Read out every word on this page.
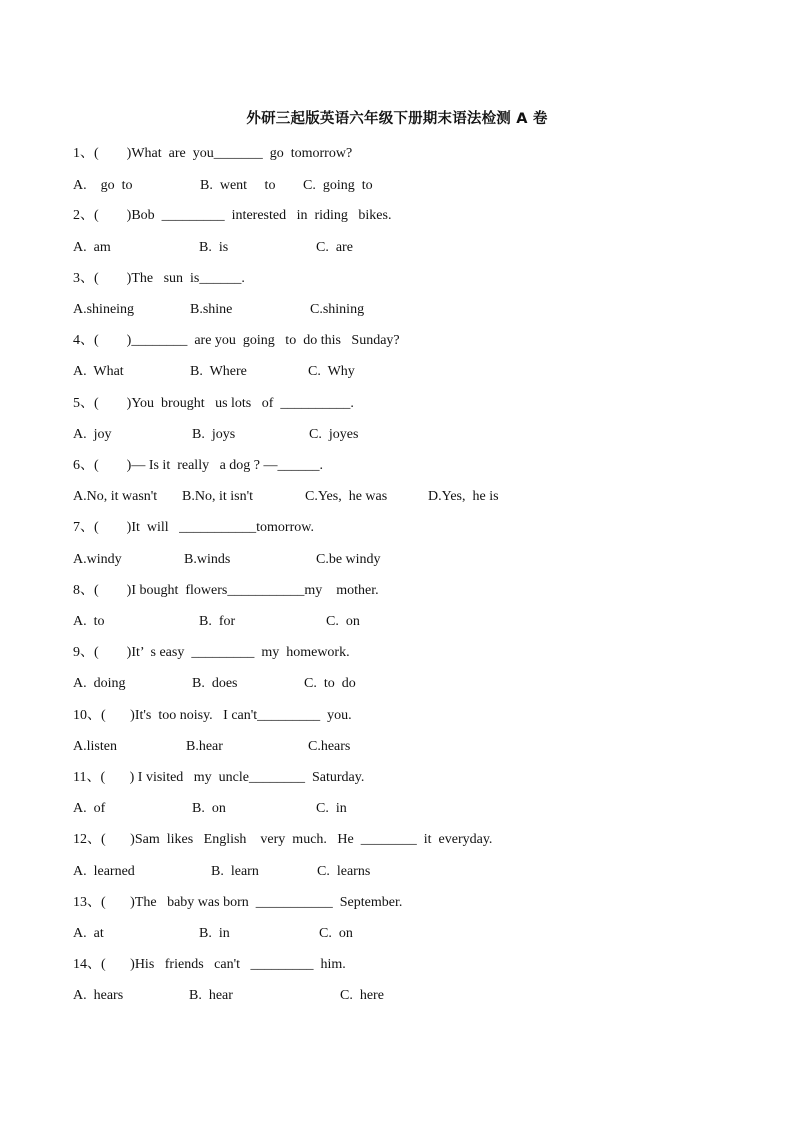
外研三起版英语六年级下册期末语法检测 A 卷
1、(        )What  are  you_______  go  tomorrow?
A.    go  to	B.  went     to C.  going  to
2、(        )Bob  _________  interested   in  riding   bikes.
A.  am	B.  is	C.  are
3、(        )The   sun  is______.
A.shineing	B.shine	C.shining
4、(        )________  are you  going   to  do this   Sunday?
A.  What	B.  Where	C.  Why
5、(        )You  brought   us lots   of  __________.
A.  joy	B.  joys	C.  joyes
6、(        )— Is it  really   a dog ? —______.
A.No, it wasn't B.No, it isn't	C.Yes,  he was	D.Yes,  he is
7、(        )It  will   ___________tomorrow.
A.windy	B.winds	C.be windy
8、(        )I bought  flowers___________my    mother.
A.  to	B.  for	C.  on
9、(        )It’  s easy  _________  my  homework.
A.  doing	B.  does	C.  to  do
10、(       )It's  too noisy.   I can't_________  you.
A.listen	B.hear	C.hears
11、(       ) I visited   my  uncle________  Saturday.
A.  of	B.  on	C.  in
12、(       )Sam  likes   English    very  much.   He  ________  it  everyday.
A.  learned	B.  learn	C.  learns
13、(       )The   baby was born  ___________  September.
A.  at	B.  in	C.  on
14、(       )His   friends   can't   _________  him.
A.  hears	B.  hear	C.  here
